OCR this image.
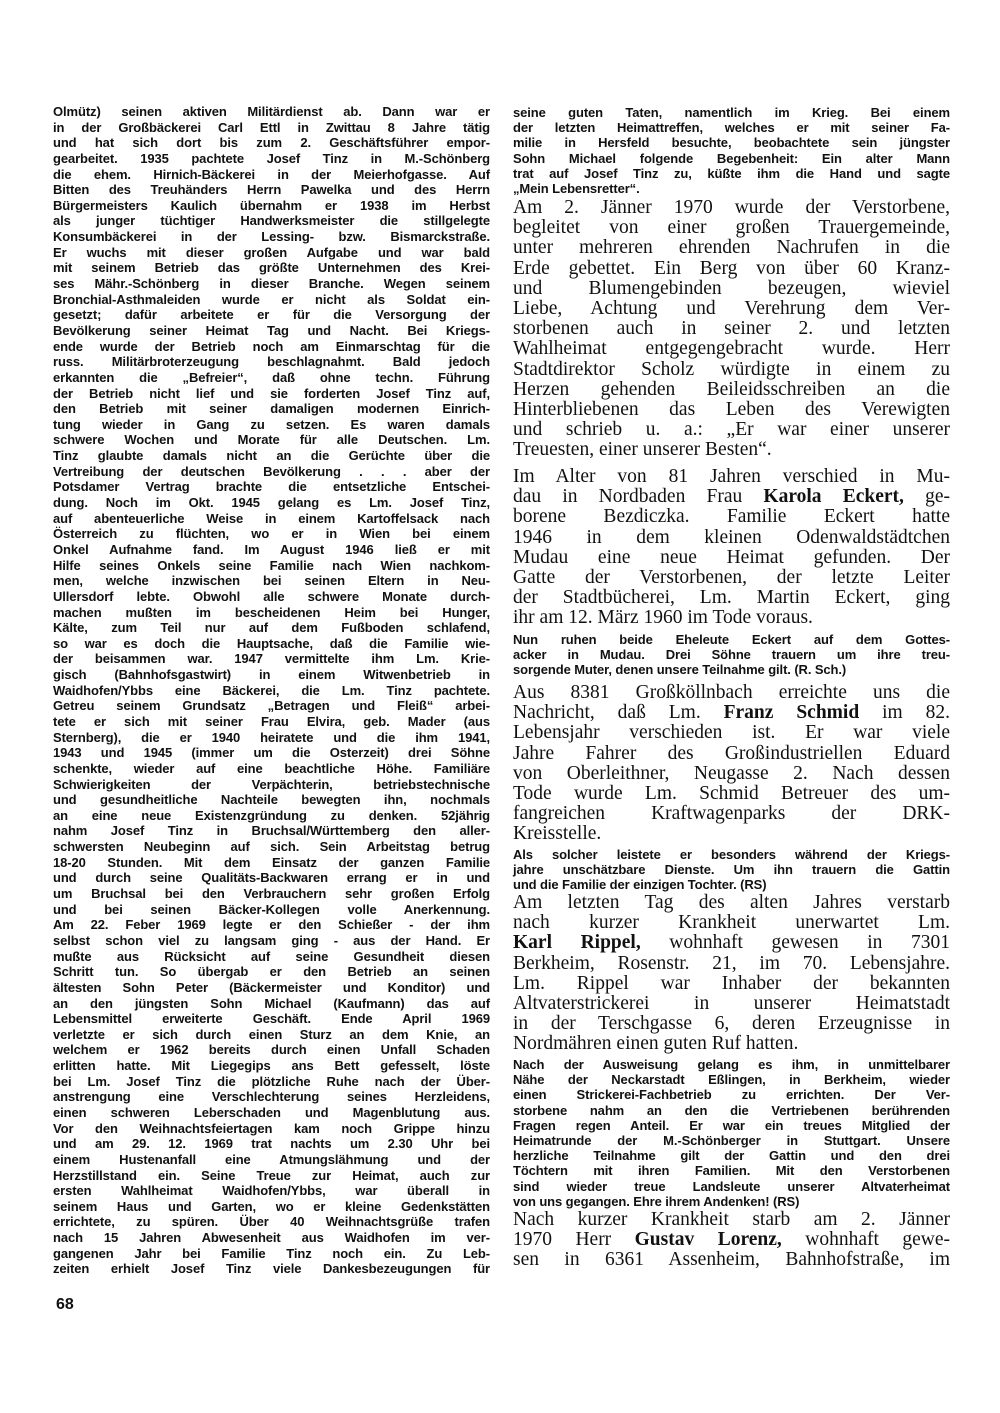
Olmütz) seinen aktiven Militärdienst ab. Dann war er
in der Großbäckerei Carl Ettl in Zwittau 8 Jahre tätig
und hat sich dort bis zum 2. Geschäftsführer empor-
gearbeitet. 1935 pachtete Josef Tinz in M.-Schönberg
die ehem. Hirnich-Bäckerei in der Meierhofgasse. Auf
Bitten des Treuhänders Herrn Pawelka und des Herrn
Bürgermeisters Kaulich übernahm er 1938 im Herbst
als junger tüchtiger Handwerksmeister die stillgelegte
Konsumbäckerei in der Lessing- bzw. Bismarckstraße.
Er wuchs mit dieser großen Aufgabe und war bald
mit seinem Betrieb das größte Unternehmen des Krei-
ses Mähr.-Schönberg in dieser Branche. Wegen seinem
Bronchial-Asthmaleiden wurde er nicht als Soldat ein-
gesetzt; dafür arbeitete er für die Versorgung der
Bevölkerung seiner Heimat Tag und Nacht. Bei Kriegs-
ende wurde der Betrieb noch am Einmarschtag für die
russ. Militärbroterzeugung beschlagnahmt. Bald jedoch
erkannten die „Befreier“, daß ohne techn. Führung
der Betrieb nicht lief und sie forderten Josef Tinz auf,
den Betrieb mit seiner damaligen modernen Einrich-
tung wieder in Gang zu setzen. Es waren damals
schwere Wochen und Morate für alle Deutschen. Lm.
Tinz glaubte damals nicht an die Gerüchte über die
Vertreibung der deutschen Bevölkerung . . . aber der
Potsdamer Vertrag brachte die entsetzliche Entschei-
dung. Noch im Okt. 1945 gelang es Lm. Josef Tinz,
auf abenteuerliche Weise in einem Kartoffelsack nach
Österreich zu flüchten, wo er in Wien bei einem
Onkel Aufnahme fand. Im August 1946 ließ er mit
Hilfe seines Onkels seine Familie nach Wien nachkom-
men, welche inzwischen bei seinen Eltern in Neu-
Ullersdorf lebte. Obwohl alle schwere Monate durch-
machen mußten im bescheidenen Heim bei Hunger,
Kälte, zum Teil nur auf dem Fußboden schlafend,
so war es doch die Hauptsache, daß die Familie wie-
der beisammen war. 1947 vermittelte ihm Lm. Krie-
gisch (Bahnhofsgastwirt) in einem Witwenbetrieb in
Waidhofen/Ybbs eine Bäckerei, die Lm. Tinz pachtete.
Getreu seinem Grundsatz „Betragen und Fleiß“ arbei-
tete er sich mit seiner Frau Elvira, geb. Mader (aus
Sternberg), die er 1940 heiratete und die ihm 1941,
1943 und 1945 (immer um die Osterzeit) drei Söhne
schenkte, wieder auf eine beachtliche Höhe. Familiäre
Schwierigkeiten der Verpächterin, betriebstechnische
und gesundheitliche Nachteile bewegten ihn, nochmals
an eine neue Existenzgründung zu denken. 52jährig
nahm Josef Tinz in Bruchsal/Württemberg den aller-
schwersten Neubeginn auf sich. Sein Arbeitstag betrug
18-20 Stunden. Mit dem Einsatz der ganzen Familie
und durch seine Qualitäts-Backwaren errang er in und
um Bruchsal bei den Verbrauchern sehr großen Erfolg
und bei seinen Bäcker-Kollegen volle Anerkennung.
Am 22. Feber 1969 legte er den Schießer - der ihm
selbst schon viel zu langsam ging - aus der Hand. Er
mußte aus Rücksicht auf seine Gesundheit diesen
Schritt tun. So übergab er den Betrieb an seinen
ältesten Sohn Peter (Bäckermeister und Konditor) und
an den jüngsten Sohn Michael (Kaufmann) das auf
Lebensmittel erweiterte Geschäft. Ende April 1969
verletzte er sich durch einen Sturz an dem Knie, an
welchem er 1962 bereits durch einen Unfall Schaden
erlitten hatte. Mit Liegegips ans Bett gefesselt, löste
bei Lm. Josef Tinz die plötzliche Ruhe nach der Über-
anstrengung eine Verschlechterung seines Herzleidens,
einen schweren Leberschaden und Magenblutung aus.
Vor den Weihnachtsfeiertagen kam noch Grippe hinzu
und am 29. 12. 1969 trat nachts um 2.30 Uhr bei
einem Hustenanfall eine Atmungslähmung und der
Herzstillstand ein. Seine Treue zur Heimat, auch zur
ersten Wahlheimat Waidhofen/Ybbs, war überall in
seinem Haus und Garten, wo er kleine Gedenkstätten
errichtete, zu spüren. Über 40 Weihnachtsgrüße trafen
nach 15 Jahren Abwesenheit aus Waidhofen im ver-
gangenen Jahr bei Familie Tinz noch ein. Zu Leb-
zeiten erhielt Josef Tinz viele Dankesbezeugungen für
seine guten Taten, namentlich im Krieg. Bei einem
der letzten Heimattreffen, welches er mit seiner Fa-
milie in Hersfeld besuchte, beobachtete sein jüngster
Sohn Michael folgende Begebenheit: Ein alter Mann
trat auf Josef Tinz zu, küßte ihm die Hand und sagte
„Mein Lebensretter“.
Am 2. Jänner 1970 wurde der Verstorbene,
begleitet von einer großen Trauergemeinde,
unter mehreren ehrenden Nachrufen in die
Erde gebettet. Ein Berg von über 60 Kranz-
und Blumengebinden bezeugen, wieviel
Liebe, Achtung und Verehrung dem Ver-
storbenen auch in seiner 2. und letzten
Wahlheimat entgegengebracht wurde. Herr
Stadtdirektor Scholz würdigte in einem zu
Herzen gehenden Beileidsschreiben an die
Hinterbliebenen das Leben des Verewigten
und schrieb u. a.: „Er war einer unserer
Treuesten, einer unserer Besten“.
Im Alter von 81 Jahren verschied in Mu-
dau in Nordbaden Frau Karola Eckert, ge-
borene Bezdiczka. Familie Eckert hatte
1946 in dem kleinen Odenwaldstädtchen
Mudau eine neue Heimat gefunden. Der
Gatte der Verstorbenen, der letzte Leiter
der Stadtbücherei, Lm. Martin Eckert, ging
ihr am 12. März 1960 im Tode voraus.
Nun ruhen beide Eheleute Eckert auf dem Gottes-
acker in Mudau. Drei Söhne trauern um ihre treu-
sorgende Muter, denen unsere Teilnahme gilt. (R. Sch.)
Aus 8381 Großköllnbach erreichte uns die
Nachricht, daß Lm. Franz Schmid im 82.
Lebensjahr verschieden ist. Er war viele
Jahre Fahrer des Großindustriellen Eduard
von Oberleithner, Neugasse 2. Nach dessen
Tode wurde Lm. Schmid Betreuer des um-
fangreichen Kraftwagenparks der DRK-
Kreisstelle.
Als solcher leistete er besonders während der Kriegs-
jahre unschätzbare Dienste. Um ihn trauern die Gattin
und die Familie der einzigen Tochter. (RS)
Am letzten Tag des alten Jahres verstarb
nach kurzer Krankheit unerwartet Lm.
Karl Rippel, wohnhaft gewesen in 7301
Berkheim, Rosenstr. 21, im 70. Lebensjahre.
Lm. Rippel war Inhaber der bekannten
Altvaterstrickerei in unserer Heimatstadt
in der Terschgasse 6, deren Erzeugnisse in
Nordmähren einen guten Ruf hatten.
Nach der Ausweisung gelang es ihm, in unmittelbarer
Nähe der Neckarstadt Eßlingen, in Berkheim, wieder
einen Strickerei-Fachbetrieb zu errichten. Der Ver-
storbene nahm an den die Vertriebenen berührenden
Fragen regen Anteil. Er war ein treues Mitglied der
Heimatrunde der M.-Schönberger in Stuttgart. Unsere
herzliche Teilnahme gilt der Gattin und den drei
Töchtern mit ihren Familien. Mit den Verstorbenen
sind wieder treue Landsleute unserer Altvaterheimat
von uns gegangen. Ehre ihrem Andenken! (RS)
Nach kurzer Krankheit starb am 2. Jänner
1970 Herr Gustav Lorenz, wohnhaft gewe-
sen in 6361 Assenheim, Bahnhofstraße, im
68
